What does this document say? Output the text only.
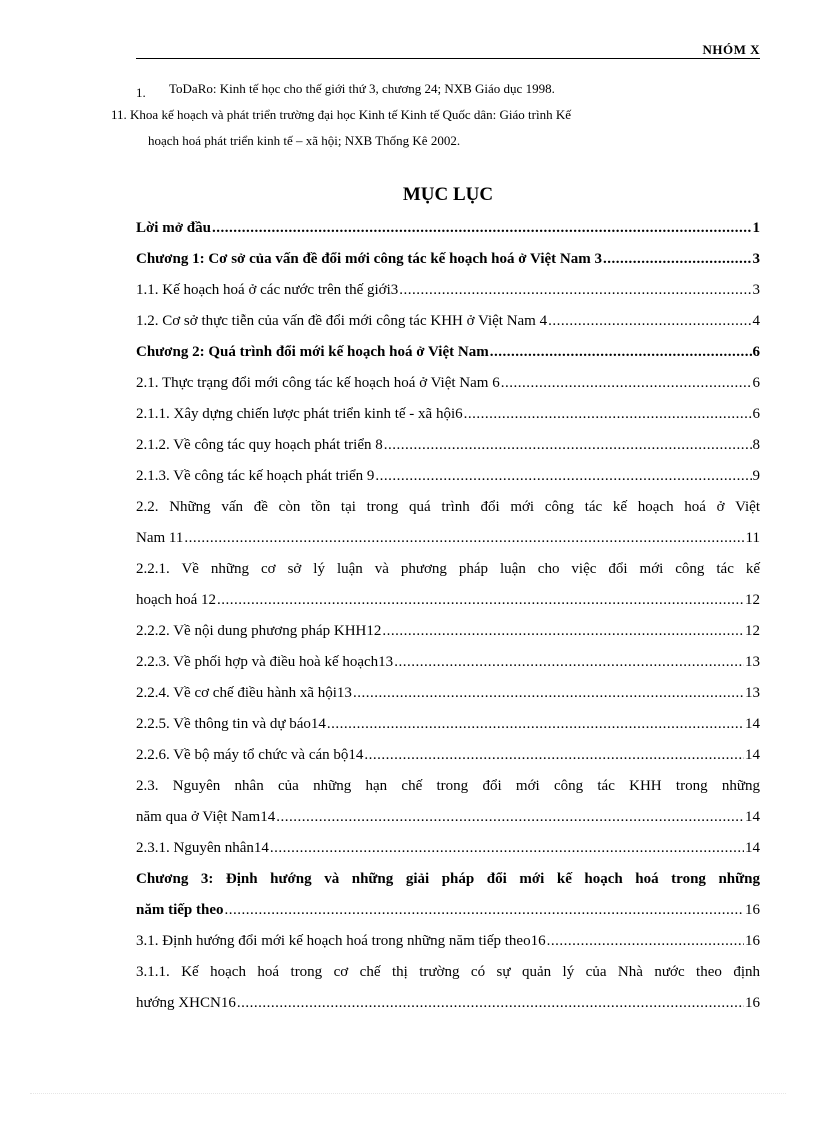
NHÓM X
1. ToDaRo: Kinh tế học cho thế giới thứ 3, chương 24; NXB Giáo dục 1998.
11. Khoa kế hoạch và phát triển trường đại học Kinh tế Kinh tế Quốc dân: Giáo trình Kế
hoạch hoá phát triển kinh tế – xã hội; NXB Thống Kê 2002.
MỤC LỤC
Lời mở đầu .....	1
Chương 1: Cơ sở của vấn đề đổi mới công tác kế hoạch hoá ở Việt Nam 3 .....	3
1.1. Kế hoạch hoá ở các nước trên thế giới3 .....	3
1.2. Cơ sở thực tiễn của vấn đề đổi mới công tác KHH ở Việt Nam 4 .....	4
Chương 2: Quá trình đổi mới kế hoạch hoá ở Việt Nam .....	6
2.1. Thực trạng đổi mới công tác kế hoạch hoá ở Việt Nam 6 .....	6
2.1.1. Xây dựng chiến lược phát triển kinh tế - xã hội6 .....	6
2.1.2. Về công tác quy hoạch phát triển 8 .....	8
2.1.3. Về công tác kế hoạch phát triển 9 .....	9
2.2. Những vấn đề còn tồn tại trong quá trình đổi mới công tác kế hoạch hoá ở Việt
Nam 11 .....	11
2.2.1. Về những cơ sở lý luận và phương pháp luận cho việc đổi mới công tác kế
hoạch hoá 12 .....	12
2.2.2. Về nội dung phương pháp KHH12 .....	12
2.2.3. Về phối hợp và điều hoà kế hoạch13 .....	13
2.2.4. Về cơ chế điều hành xã hội13 .....	13
2.2.5. Về thông tin và dự báo14 .....	14
2.2.6. Về bộ máy tổ chức và cán bộ14 .....	14
2.3. Nguyên nhân của những hạn chế trong đổi mới công tác KHH trong những
năm qua ở Việt Nam14 .....	14
2.3.1. Nguyên nhân14 .....	14
Chương 3: Định hướng và những giải pháp đổi mới kế hoạch hoá trong những
năm tiếp theo .....	16
3.1. Định hướng đổi mới kế hoạch hoá trong những năm tiếp theo16 .....	16
3.1.1. Kế hoạch hoá trong cơ chế thị trường có sự quản lý của Nhà nước theo định
hướng XHCN16 .....	16
